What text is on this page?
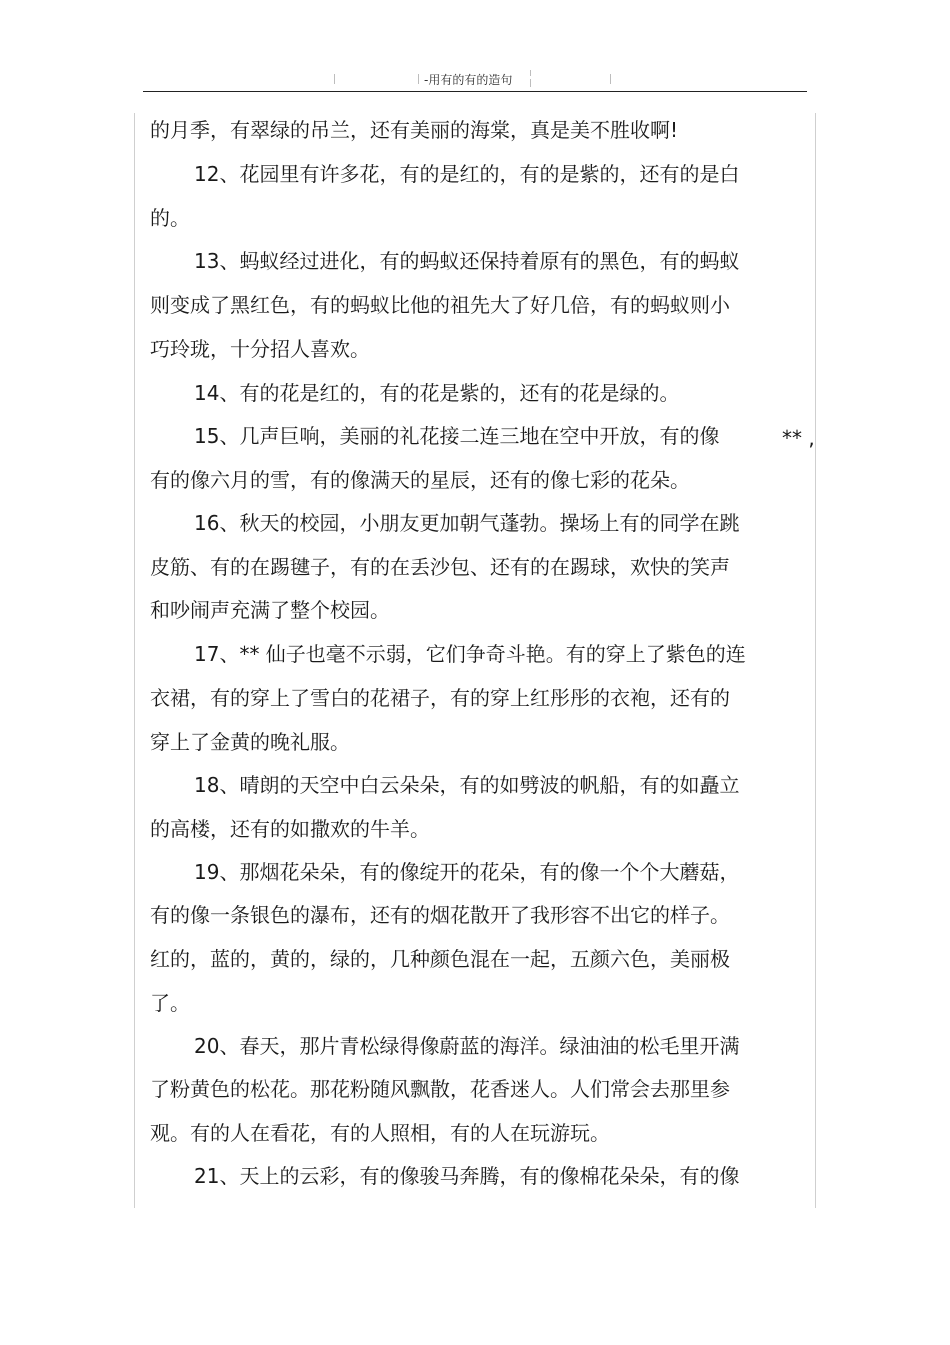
-用有的有的造句
的月季，有翠绿的吊兰，还有美丽的海棠，真是美不胜收啊!
12、花园里有许多花，有的是红的，有的是紫的，还有的是白
的。
13、蚂蚁经过进化，有的蚂蚁还保持着原有的黑色，有的蚂蚁
则变成了黑红色，有的蚂蚁比他的祖先大了好几倍，有的蚂蚁则小
巧玲珑，十分招人喜欢。
14、有的花是红的，有的花是紫的，还有的花是绿的。
15、几声巨响，美丽的礼花接二连三地在空中开放，有的像
有的像六月的雪，有的像满天的星辰，还有的像七彩的花朵。
16、秋天的校园，小朋友更加朝气蓬勃。操场上有的同学在跳
皮筋、有的在踢毽子，有的在丢沙包、还有的在踢球，欢快的笑声
和吵闹声充满了整个校园。
17、** 仙子也毫不示弱，它们争奇斗艳。有的穿上了紫色的连
衣裙，有的穿上了雪白的花裙子，有的穿上红彤彤的衣袍，还有的
穿上了金黄的晚礼服。
18、晴朗的天空中白云朵朵，有的如劈波的帆船，有的如矗立
的高楼，还有的如撒欢的牛羊。
19、那烟花朵朵，有的像绽开的花朵，有的像一个个大蘑菇，
有的像一条银色的瀑布，还有的烟花散开了我形容不出它的样子。
红的，蓝的，黄的，绿的，几种颜色混在一起，五颜六色，美丽极
了。
20、春天，那片青松绿得像蔚蓝的海洋。绿油油的松毛里开满
了粉黄色的松花。那花粉随风飘散，花香迷人。人们常会去那里参
观。有的人在看花，有的人照相，有的人在玩游玩。
21、天上的云彩，有的像骏马奔腾，有的像棉花朵朵，有的像
** ,
